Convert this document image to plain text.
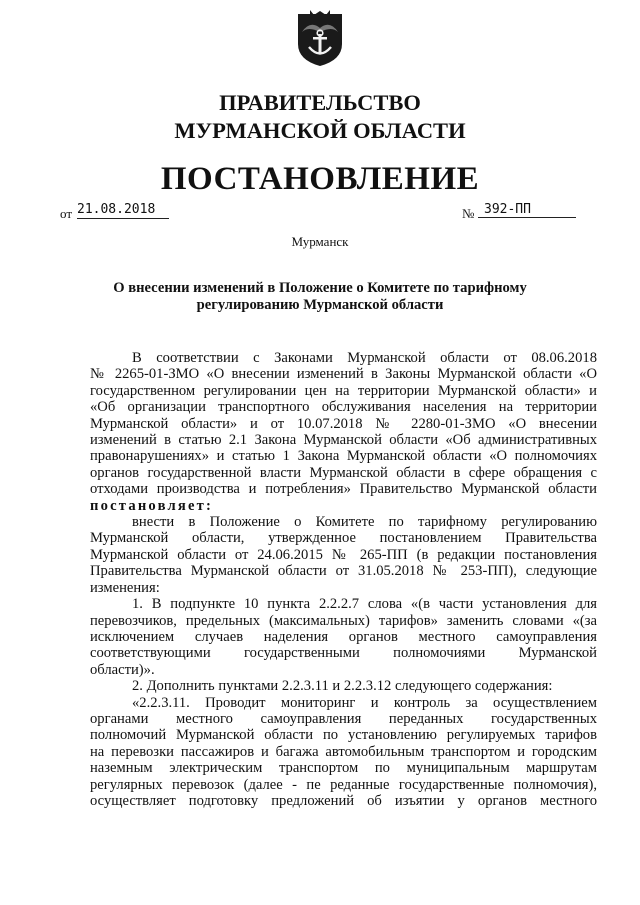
ПРАВИТЕЛЬСТВО
МУРМАНСКОЙ ОБЛАСТИ
ПОСТАНОВЛЕНИЕ
от 21.08.2018	№ 392-ПП
Мурманск
О внесении изменений в Положение о Комитете по тарифному
регулированию Мурманской области

В соответствии с Законами Мурманской области от 08.06.2018

№ 2265-01-ЗМО «О внесении изменений в Законы Мурманской области «О

государственном регулировании цен на территории Мурманской области» и

«Об организации транспортного обслуживания населения на территории

Мурманской области» и от 10.07.2018 № 2280-01-ЗМО «О внесении

изменений в статью 2.1 Закона Мурманской области «Об административных

правонарушениях» и статью 1 Закона Мурманской области «О полномочиях

органов государственной власти Мурманской области в сфере обращения с

отходами производства и потребления» Правительство Мурманской области

постановляет:

внести в Положение о Комитете по тарифному регулированию

Мурманской области, утвержденное постановлением Правительства

Мурманской области от 24.06.2015 № 265-ПП (в редакции постановления

Правительства Мурманской области от 31.05.2018 № 253-ПП), следующие

изменения:

1. В подпункте 10 пункта 2.2.2.7 слова «(в части установления для

перевозчиков, предельных (максимальных) тарифов» заменить словами «(за

исключением случаев наделения органов местного самоуправления

соответствующими государственными полномочиями Мурманской

области)».

2. Дополнить пунктами 2.2.3.11 и 2.2.3.12 следующего содержания:

«2.2.3.11. Проводит мониторинг и контроль за осуществлением

органами местного самоуправления переданных государственных

полномочий Мурманской области по установлению регулируемых тарифов

на перевозки пассажиров и багажа автомобильным транспортом и городским

наземным электрическим транспортом по муниципальным маршрутам

регулярных перевозок (далее - пе реданные государственные полномочия),

осуществляет подготовку предложений об изъятии у органов местного
